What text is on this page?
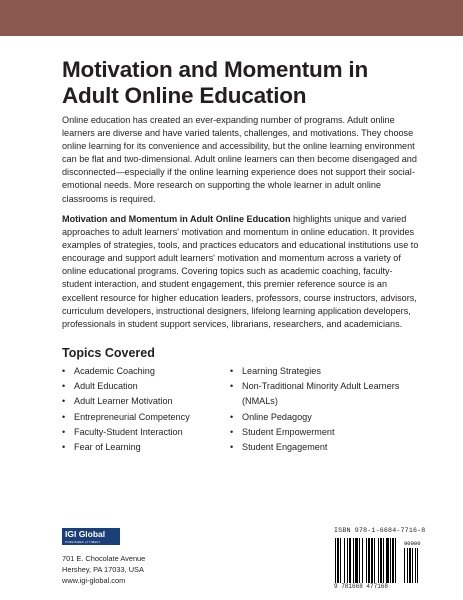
Motivation and Momentum in Adult Online Education
Online education has created an ever-expanding number of programs. Adult online learners are diverse and have varied talents, challenges, and motivations. They choose online learning for its convenience and accessibility, but the online learning environment can be flat and two-dimensional. Adult online learners can then become disengaged and disconnected—especially if the online learning experience does not support their social-emotional needs. More research on supporting the whole learner in adult online classrooms is required.
Motivation and Momentum in Adult Online Education highlights unique and varied approaches to adult learners' motivation and momentum in online education. It provides examples of strategies, tools, and practices educators and educational institutions use to encourage and support adult learners' motivation and momentum across a variety of online educational programs. Covering topics such as academic coaching, faculty-student interaction, and student engagement, this premier reference source is an excellent resource for higher education leaders, professors, course instructors, advisors, curriculum developers, instructional designers, lifelong learning application developers, professionals in student support services, librarians, researchers, and academicians.
Topics Covered
• Academic Coaching
• Adult Education
• Adult Learner Motivation
• Entrepreneurial Competency
• Faculty-Student Interaction
• Fear of Learning
• Learning Strategies
• Non-Traditional Minority Adult Learners (NMALs)
• Online Pedagogy
• Student Empowerment
• Student Engagement
IGI Global
PUBLISHER of TIMELY KNOWLEDGE
701 E. Chocolate Avenue
Hershey, PA 17033, USA
www.igi-global.com
ISBN 978-1-6684-7716-8
90000
9 781668 477168
